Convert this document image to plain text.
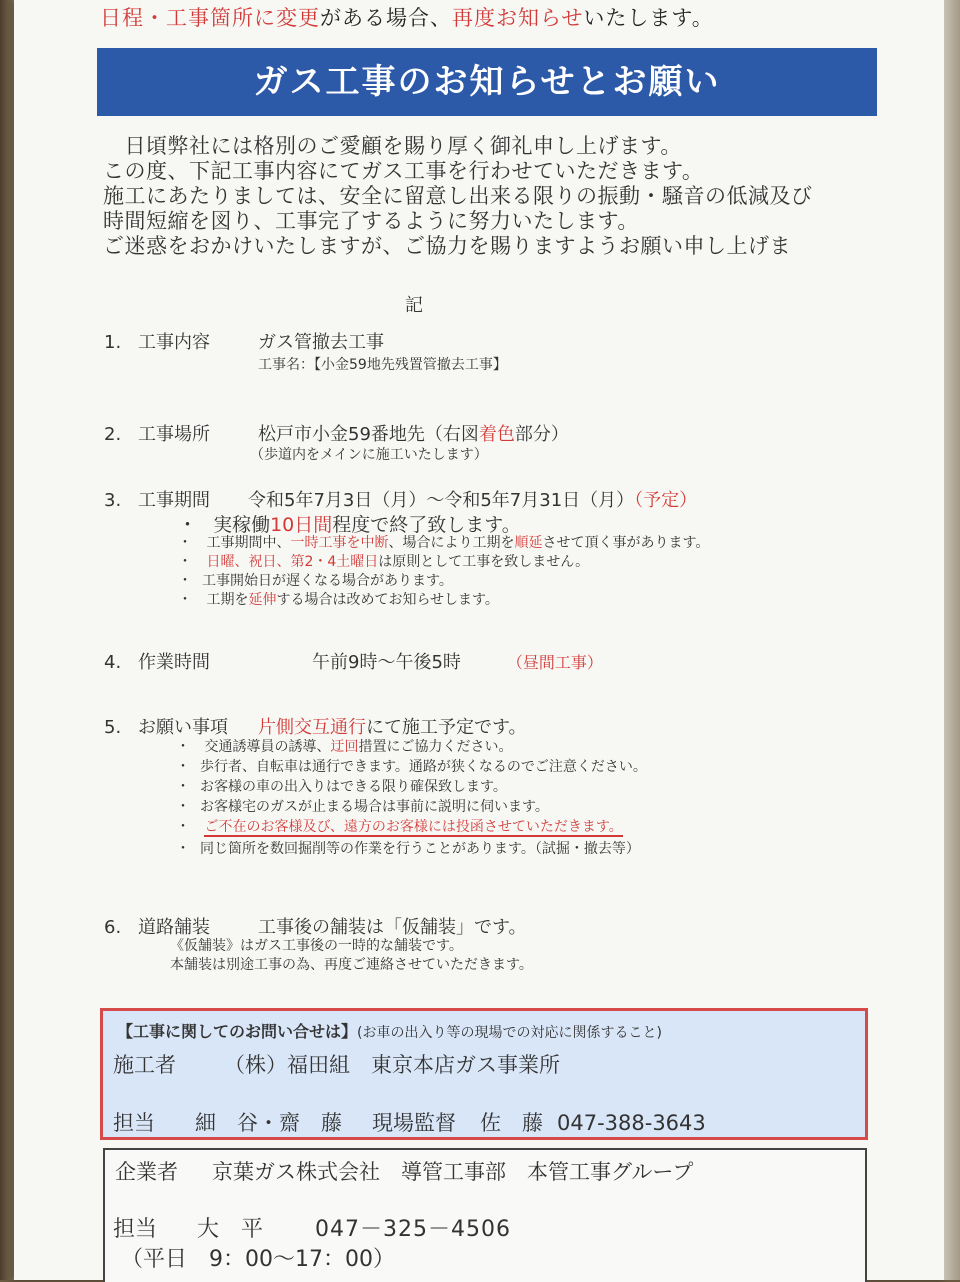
日程・工事箇所に変更がある場合、再度お知らせいたします。
ガス工事のお知らせとお願い
　日頃弊社には格別のご愛顧を賜り厚く御礼申し上げます。
この度、下記工事内容にてガス工事を行わせていただきます。
施工にあたりましては、安全に留意し出来る限りの振動・騒音の低減及び
時間短縮を図り、工事完了するように努力いたします。
ご迷惑をおかけいたしますが、ご協力を賜りますようお願い申し上げま
記
1. 工事内容	ガス管撤去工事
工事名：【小金59地先残置管撤去工事】
2. 工事場所	松戸市小金59番地先（右図着色部分）
（歩道内をメインに施工いたします）
3. 工事期間 令和5年7月3日（月）～令和5年7月31日（月）（予定）
・ 実稼働10日間程度で終了致します。
・ 工事期間中、一時工事を中断、場合により工期を順延させて頂く事があります。
・ 日曜、祝日、第2・4土曜日は原則として工事を致しません。
・ 工事開始日が遅くなる場合があります。
・ 工期を延伸する場合は改めてお知らせします。
4. 作業時間	午前9時～午後5時	（昼間工事）
5. お願い事項 片側交互通行にて施工予定です。
・ 交通誘導員の誘導、迂回措置にご協力ください。
・ 歩行者、自転車は通行できます。通路が狭くなるのでご注意ください。
・ お客様の車の出入りはできる限り確保致します。
・ お客様宅のガスが止まる場合は事前に説明に伺います。
・ ご不在のお客様及び、遠方のお客様には投函させていただきます。
・ 同じ箇所を数回掘削等の作業を行うことがあります。（試掘・撤去等）
6. 道路舗装	工事後の舗装は「仮舗装」です。
《仮舗装》はガス工事後の一時的な舗装です。
本舗装は別途工事の為、再度ご連絡させていただきます。
【工事に関してのお問い合せは】(お車の出入り等の現場での対応に関係すること)
施工者 （株）福田組　東京本店ガス事業所
担当 細　谷・齋　藤 現場監督 佐　藤 047-388-3643
企業者 京葉ガス株式会社　導管工事部　本管工事グループ
担当 大　平 047－325－4506
（平日　9：00～17：00）
